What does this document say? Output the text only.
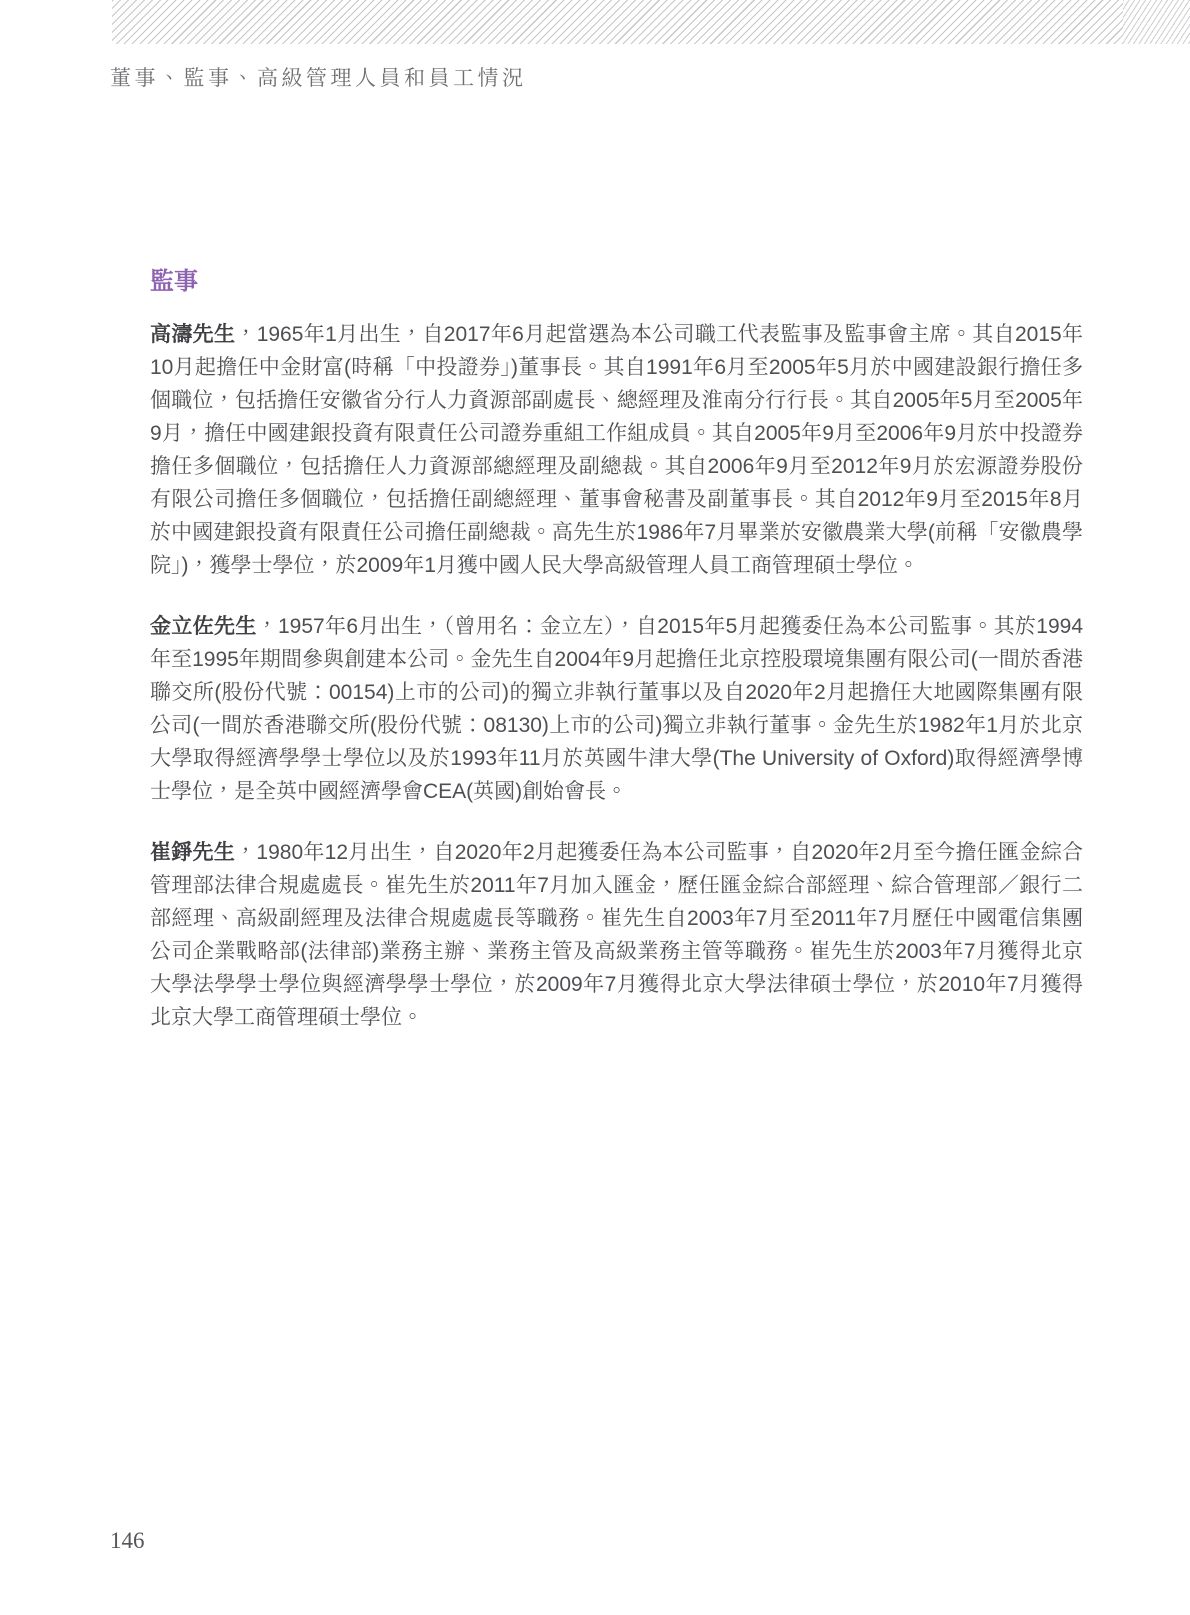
董事、監事、高級管理人員和員工情況
監事

高濤先生，1965年1月出生，自2017年6月起當選為本公司職工代表監事及監事會主席。其自2015年10月起擔任中金財富(時稱「中投證券」)董事長。其自1991年6月至2005年5月於中國建設銀行擔任多個職位，包括擔任安徽省分行人力資源部副處長、總經理及淮南分行行長。其自2005年5月至2005年9月，擔任中國建銀投資有限責任公司證券重組工作組成員。其自2005年9月至2006年9月於中投證券擔任多個職位，包括擔任人力資源部總經理及副總裁。其自2006年9月至2012年9月於宏源證券股份有限公司擔任多個職位，包括擔任副總經理、董事會秘書及副董事長。其自2012年9月至2015年8月於中國建銀投資有限責任公司擔任副總裁。高先生於1986年7月畢業於安徽農業大學(前稱「安徽農學院」)，獲學士學位，於2009年1月獲中國人民大學高級管理人員工商管理碩士學位。

金立佐先生，1957年6月出生，（曾用名：金立左），自2015年5月起獲委任為本公司監事。其於1994年至1995年期間參與創建本公司。金先生自2004年9月起擔任北京控股環境集團有限公司(一間於香港聯交所(股份代號：00154)上市的公司)的獨立非執行董事以及自2020年2月起擔任大地國際集團有限公司(一間於香港聯交所(股份代號：08130)上市的公司)獨立非執行董事。金先生於1982年1月於北京大學取得經濟學學士學位以及於1993年11月於英國牛津大學(The University of Oxford)取得經濟學博士學位，是全英中國經濟學會CEA(英國)創始會長。

崔錚先生，1980年12月出生，自2020年2月起獲委任為本公司監事，自2020年2月至今擔任匯金綜合管理部法律合規處處長。崔先生於2011年7月加入匯金，歷任匯金綜合部經理、綜合管理部／銀行二部經理、高級副經理及法律合規處處長等職務。崔先生自2003年7月至2011年7月歷任中國電信集團公司企業戰略部(法律部)業務主辦、業務主管及高級業務主管等職務。崔先生於2003年7月獲得北京大學法學學士學位與經濟學學士學位，於2009年7月獲得北京大學法律碩士學位，於2010年7月獲得北京大學工商管理碩士學位。

146
